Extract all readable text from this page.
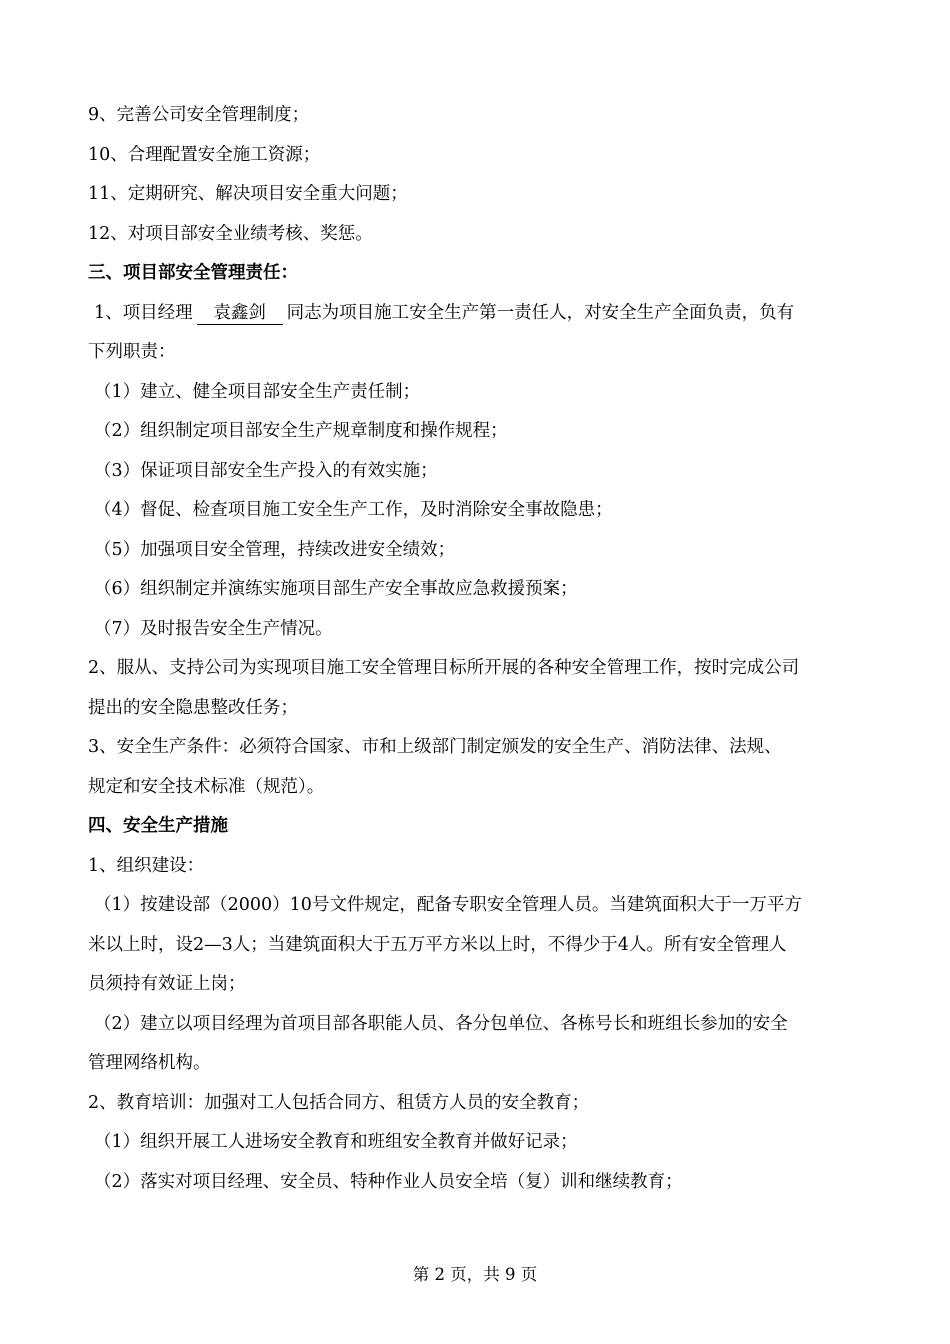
9、完善公司安全管理制度；

10、合理配置安全施工资源；

11、定期研究、解决项目安全重大问题；

12、对项目部安全业绩考核、奖惩。

三、项目部安全管理责任：

1、项目经理 袁鑫剑 同志为项目施工安全生产第一责任人，对安全生产全面负责，负有

下列职责：

（1）建立、健全项目部安全生产责任制；

（2）组织制定项目部安全生产规章制度和操作规程；

（3）保证项目部安全生产投入的有效实施；

（4）督促、检查项目施工安全生产工作，及时消除安全事故隐患；

（5）加强项目安全管理，持续改进安全绩效；

（6）组织制定并演练实施项目部生产安全事故应急救援预案；

（7）及时报告安全生产情况。

2、服从、支持公司为实现项目施工安全管理目标所开展的各种安全管理工作，按时完成公司

提出的安全隐患整改任务；

3、安全生产条件：必须符合国家、市和上级部门制定颁发的安全生产、消防法律、法规、

规定和安全技术标准（规范）。

四、安全生产措施

1、组织建设：

（1）按建设部（2000）10号文件规定，配备专职安全管理人员。当建筑面积大于一万平方

米以上时，设2—3人；当建筑面积大于五万平方米以上时，不得少于4人。所有安全管理人

员须持有效证上岗；

（2）建立以项目经理为首项目部各职能人员、各分包单位、各栋号长和班组长参加的安全

管理网络机构。

2、教育培训：加强对工人包括合同方、租赁方人员的安全教育；

（1）组织开展工人进场安全教育和班组安全教育并做好记录；

（2）落实对项目经理、安全员、特种作业人员安全培（复）训和继续教育；

第 2 页，共 9 页
